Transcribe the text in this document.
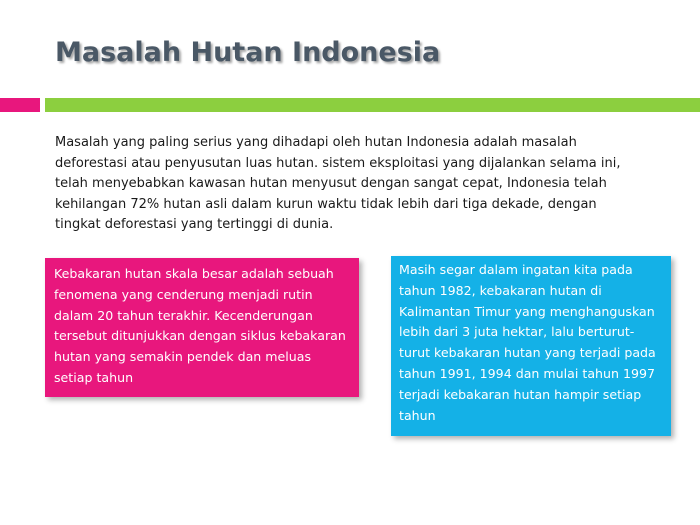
Masalah Hutan Indonesia

Masalah yang paling serius yang dihadapi oleh hutan Indonesia adalah masalah deforestasi atau penyusutan luas hutan. sistem eksploitasi yang dijalankan selama ini, telah menyebabkan kawasan hutan menyusut dengan sangat cepat, Indonesia telah kehilangan 72% hutan asli dalam kurun waktu tidak lebih dari tiga dekade, dengan tingkat deforestasi yang tertinggi di dunia.

Kebakaran hutan skala besar adalah sebuah fenomena yang cenderung menjadi rutin dalam 20 tahun terakhir. Kecenderungan tersebut ditunjukkan dengan siklus kebakaran hutan yang semakin pendek dan meluas setiap tahun

Masih segar dalam ingatan kita pada tahun 1982, kebakaran hutan di Kalimantan Timur yang menghanguskan lebih dari 3 juta hektar, lalu berturut-turut kebakaran hutan yang terjadi pada tahun 1991, 1994 dan mulai tahun 1997 terjadi kebakaran hutan hampir setiap tahun
